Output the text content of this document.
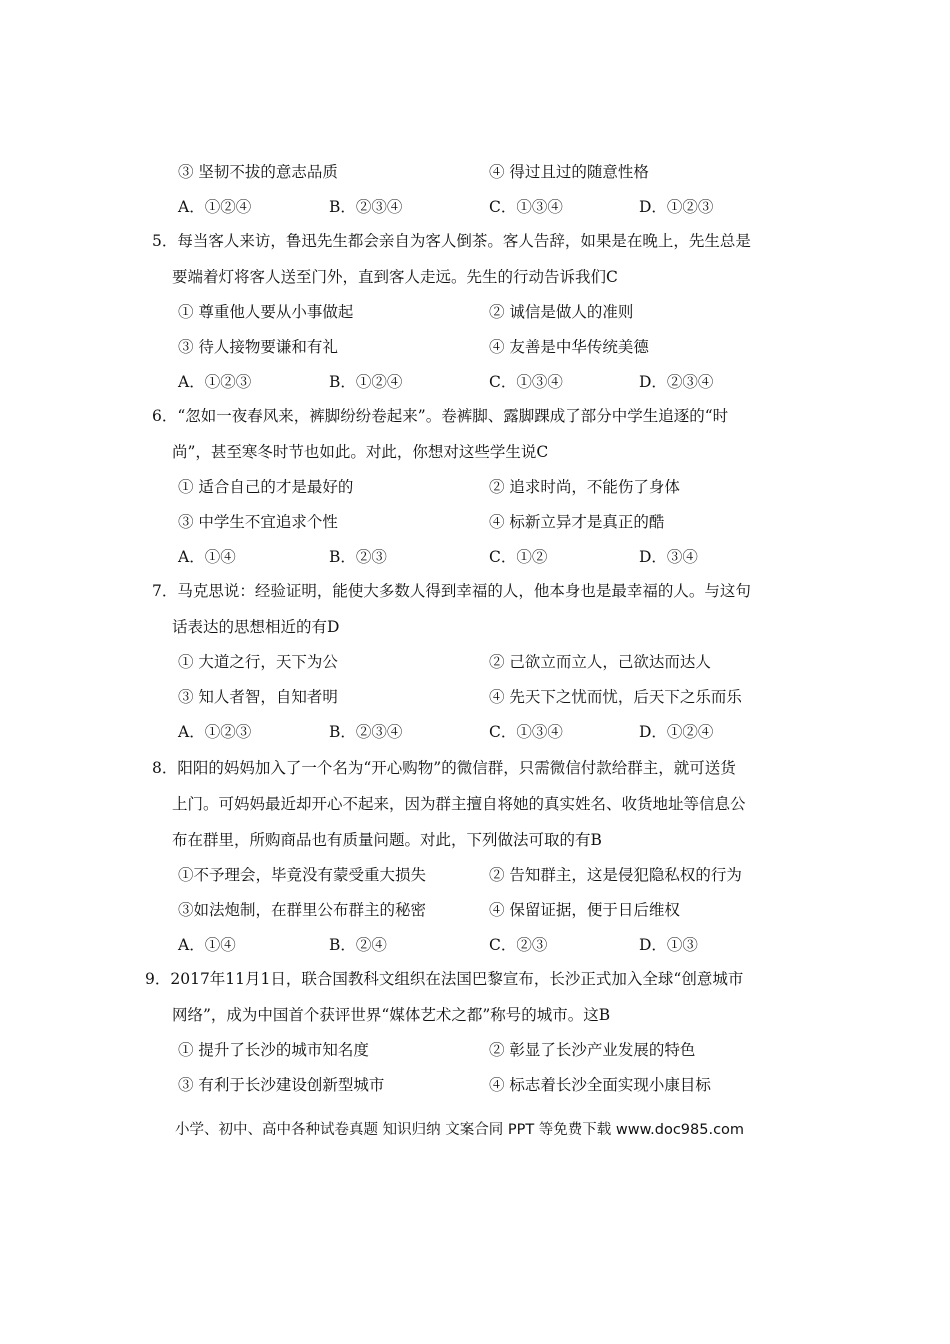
③ 坚韧不拔的意志品质	④ 得过且过的随意性格
A．①②④	B．②③④	C．①③④	D．①②③
5．每当客人来访，鲁迅先生都会亲自为客人倒茶。客人告辞，如果是在晚上，先生总是
要端着灯将客人送至门外，直到客人走远。先生的行动告诉我们C
① 尊重他人要从小事做起	② 诚信是做人的准则
③ 待人接物要谦和有礼	④ 友善是中华传统美德
A．①②③	B．①②④	C．①③④	D．②③④
6．“忽如一夜春风来，裤脚纷纷卷起来”。卷裤脚、露脚踝成了部分中学生追逐的“时
尚”，甚至寒冬时节也如此。对此，你想对这些学生说C
① 适合自己的才是最好的	② 追求时尚，不能伤了身体
③ 中学生不宜追求个性	④ 标新立异才是真正的酷
A．①④	B．②③	C．①②	D．③④
7．马克思说：经验证明，能使大多数人得到幸福的人，他本身也是最幸福的人。与这句
话表达的思想相近的有D
① 大道之行，天下为公	② 己欲立而立人，己欲达而达人
③ 知人者智，自知者明	④ 先天下之忧而忧，后天下之乐而乐
A．①②③	B．②③④	C．①③④	D．①②④
8．阳阳的妈妈加入了一个名为“开心购物”的微信群，只需微信付款给群主，就可送货
上门。可妈妈最近却开心不起来，因为群主擅自将她的真实姓名、收货地址等信息公
布在群里，所购商品也有质量问题。对此，下列做法可取的有B
①不予理会，毕竟没有蒙受重大损失	② 告知群主，这是侵犯隐私权的行为
③如法炮制，在群里公布群主的秘密	④ 保留证据，便于日后维权
A．①④	B．②④	C．②③	D．①③
9．2017年11月1日，联合国教科文组织在法国巴黎宣布，长沙正式加入全球“创意城市
网络”，成为中国首个获评世界“媒体艺术之都”称号的城市。这B
① 提升了长沙的城市知名度	② 彰显了长沙产业发展的特色
③ 有利于长沙建设创新型城市	④ 标志着长沙全面实现小康目标
小学、初中、高中各种试卷真题 知识归纳 文案合同 PPT 等免费下载 www.doc985.com
